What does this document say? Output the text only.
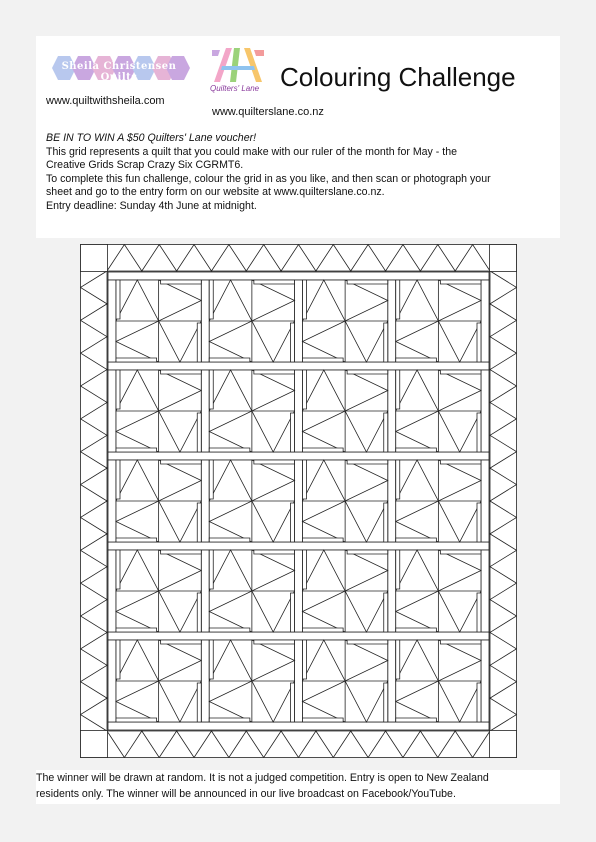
Sheila Christensen Quilts
www.quiltwithsheila.com
Quilters' Lane
www.quilterslane.co.nz
Colouring Challenge
BE IN TO WIN A $50 Quilters' Lane voucher!
This grid represents a quilt that you could make with our ruler of the month for May - the
Creative Grids Scrap Crazy Six CGRMT6.
To complete this fun challenge, colour the grid in as you like, and then scan or photograph your
sheet and go to the entry form on our website at www.quilterslane.co.nz.
Entry deadline: Sunday 4th June at midnight.

The winner will be drawn at random. It is not a judged competition. Entry is open to New Zealand

residents only. The winner will be announced in our live broadcast on Facebook/YouTube.
